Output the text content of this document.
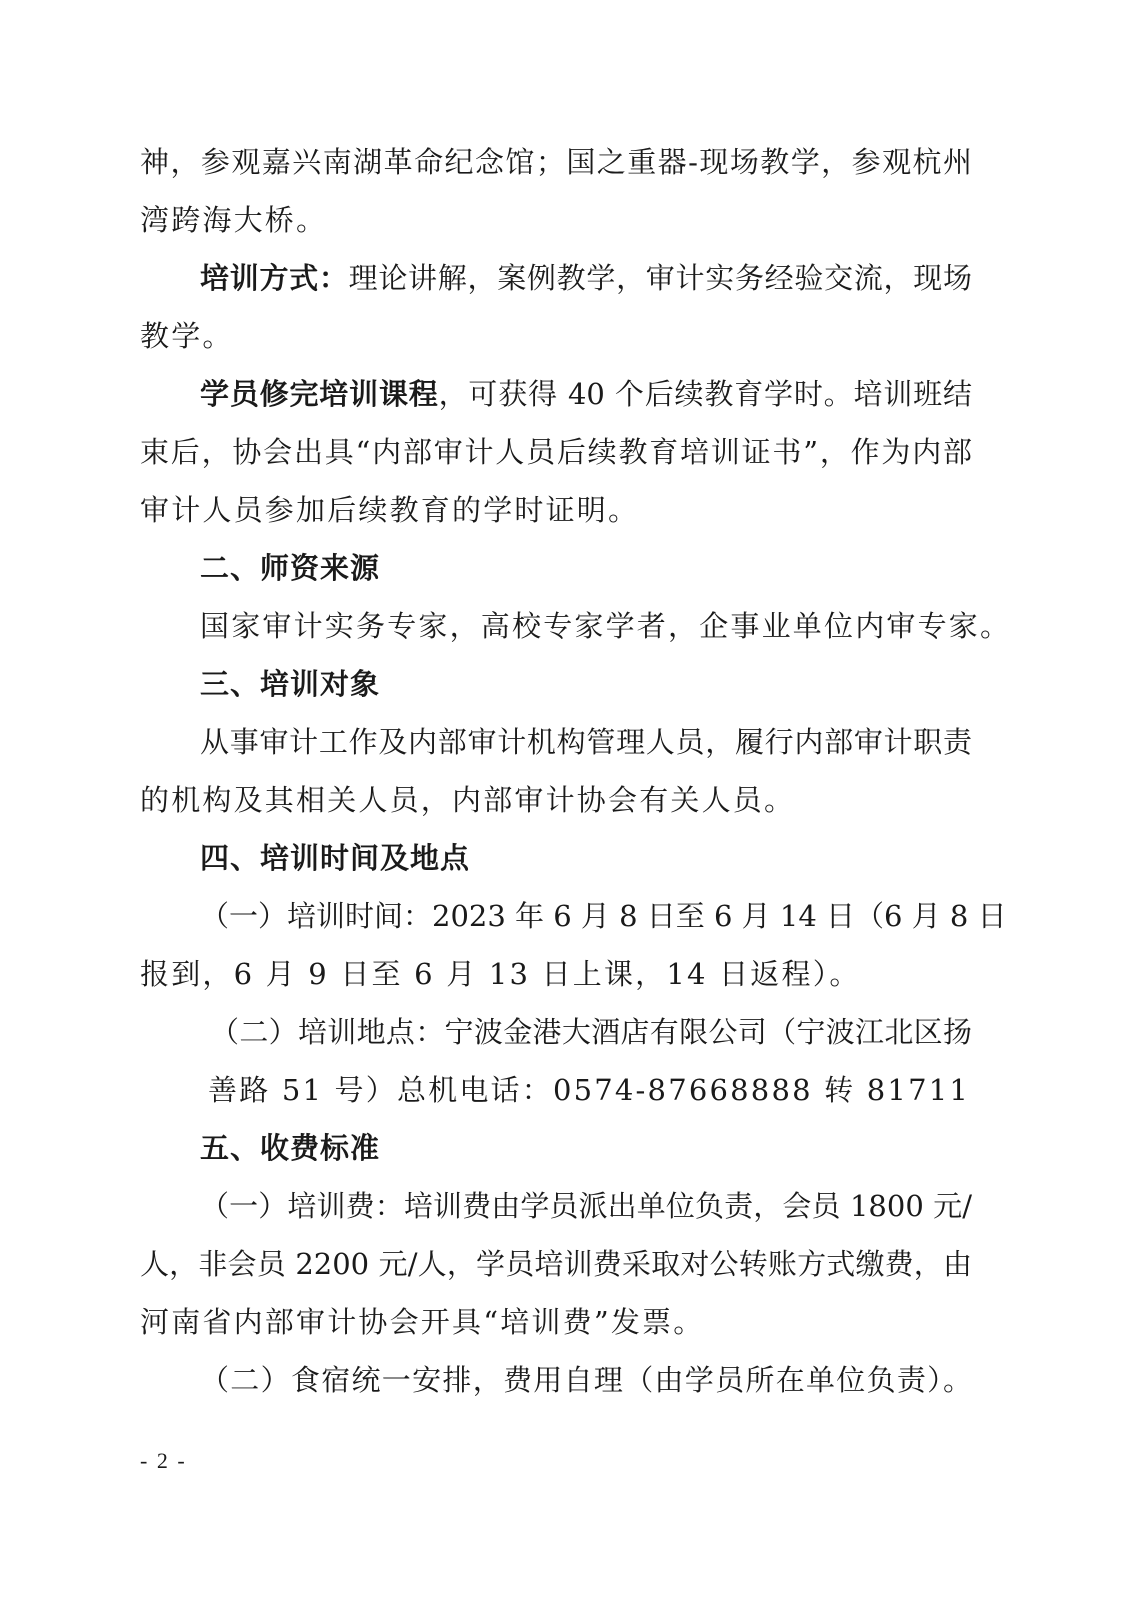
神，参观嘉兴南湖革命纪念馆；国之重器-现场教学，参观杭州
湾跨海大桥。
培训方式：理论讲解，案例教学，审计实务经验交流，现场
教学。
学员修完培训课程，可获得 40 个后续教育学时。培训班结
束后，协会出具“内部审计人员后续教育培训证书”，作为内部
审计人员参加后续教育的学时证明。
二、师资来源
国家审计实务专家，高校专家学者，企事业单位内审专家。
三、培训对象
从事审计工作及内部审计机构管理人员，履行内部审计职责
的机构及其相关人员，内部审计协会有关人员。
四、培训时间及地点
（一）培训时间：2023 年 6 月 8 日至 6 月 14 日（6 月 8 日
报到，6 月 9 日至 6 月 13 日上课，14 日返程）。
（二）培训地点：宁波金港大酒店有限公司（宁波江北区扬
善路 51 号）总机电话：0574-87668888 转 81711
五、收费标准
（一）培训费：培训费由学员派出单位负责，会员 1800 元/
人，非会员 2200 元/人，学员培训费采取对公转账方式缴费，由
河南省内部审计协会开具“培训费”发票。
（二）食宿统一安排，费用自理（由学员所在单位负责）。
- 2 -
